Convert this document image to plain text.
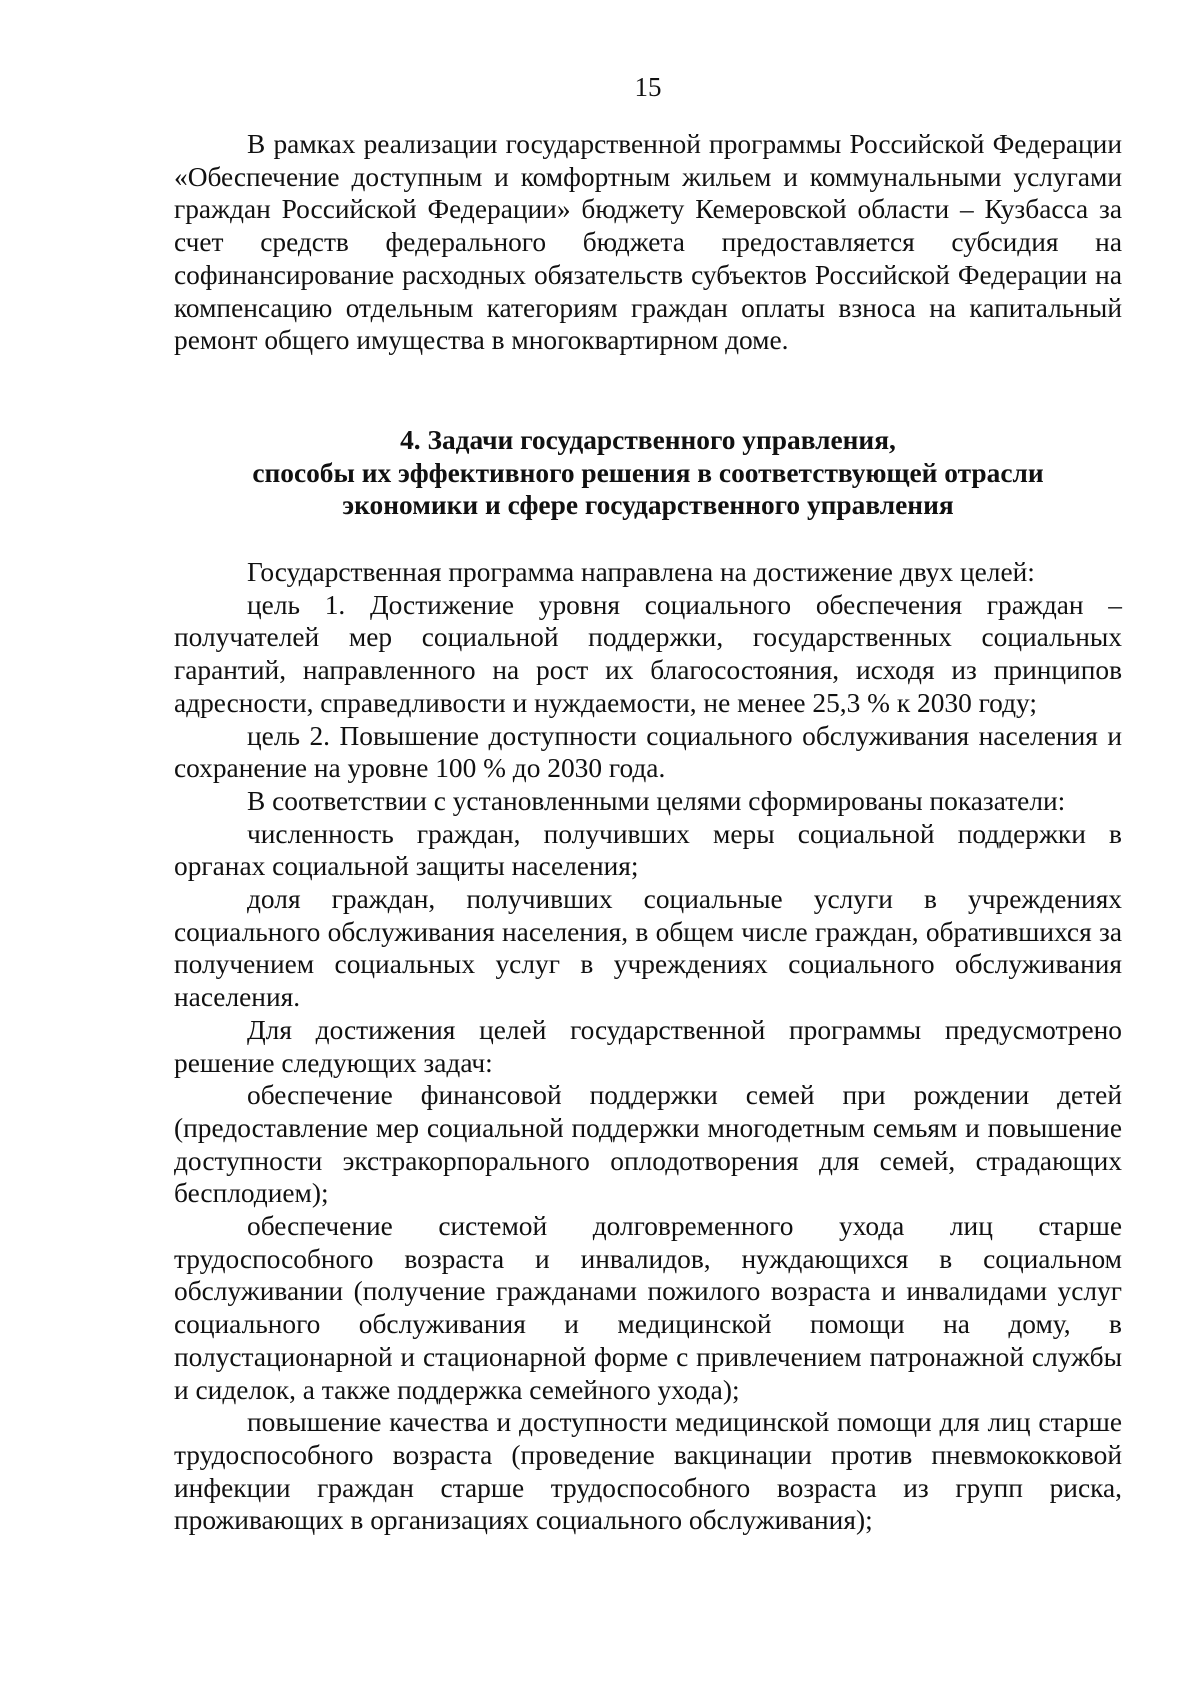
15

В рамках реализации государственной программы Российской Федерации «Обеспечение доступным и комфортным жильем и коммунальными услугами граждан Российской Федерации» бюджету Кемеровской области – Кузбасса за счет средств федерального бюджета предоставляется субсидия на софинансирование расходных обязательств субъектов Российской Федерации на компенсацию отдельным категориям граждан оплаты взноса на капитальный ремонт общего имущества в многоквартирном доме.

4. Задачи государственного управления,
способы их эффективного решения в соответствующей отрасли
экономики и сфере государственного управления

Государственная программа направлена на достижение двух целей:

цель 1. Достижение уровня социального обеспечения граждан – получателей мер социальной поддержки, государственных социальных гарантий, направленного на рост их благосостояния, исходя из принципов адресности, справедливости и нуждаемости, не менее 25,3 % к 2030 году;

цель 2. Повышение доступности социального обслуживания населения и сохранение на уровне 100 % до 2030 года.

В соответствии с установленными целями сформированы показатели:

численность граждан, получивших меры социальной поддержки в органах социальной защиты населения;

доля граждан, получивших социальные услуги в учреждениях социального обслуживания населения, в общем числе граждан, обратившихся за получением социальных услуг в учреждениях социального обслуживания населения.

Для достижения целей государственной программы предусмотрено решение следующих задач:

обеспечение финансовой поддержки семей при рождении детей (предоставление мер социальной поддержки многодетным семьям и повышение доступности экстракорпорального оплодотворения для семей, страдающих бесплодием);

обеспечение системой долговременного ухода лиц старше трудоспособного возраста и инвалидов, нуждающихся в социальном обслуживании (получение гражданами пожилого возраста и инвалидами услуг социального обслуживания и медицинской помощи на дому, в полустационарной и стационарной форме с привлечением патронажной службы и сиделок, а также поддержка семейного ухода);

повышение качества и доступности медицинской помощи для лиц старше трудоспособного возраста (проведение вакцинации против пневмококковой инфекции граждан старше трудоспособного возраста из групп риска, проживающих в организациях социального обслуживания);
